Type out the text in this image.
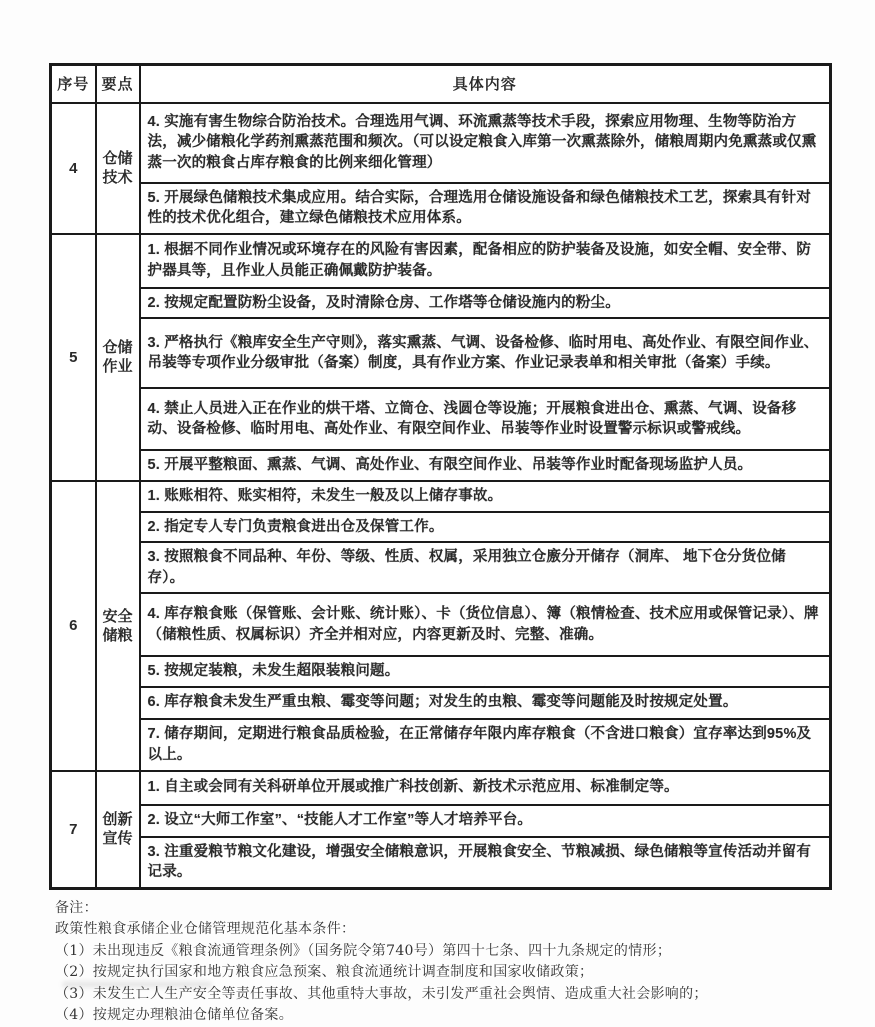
序号	要点	具体内容
4	仓储技术	4. 实施有害生物综合防治技术。合理选用气调、环流熏蒸等技术手段，探索应用物理、生物等防治方法，减少储粮化学药剂熏蒸范围和频次。（可以设定粮食入库第一次熏蒸除外，储粮周期内免熏蒸或仅熏蒸一次的粮食占库存粮食的比例来细化管理）
		5. 开展绿色储粮技术集成应用。结合实际，合理选用仓储设施设备和绿色储粮技术工艺，探索具有针对性的技术优化组合，建立绿色储粮技术应用体系。
5	仓储作业	1. 根据不同作业情况或环境存在的风险有害因素，配备相应的防护装备及设施，如安全帽、安全带、防护器具等，且作业人员能正确佩戴防护装备。
		2. 按规定配置防粉尘设备，及时清除仓房、工作塔等仓储设施内的粉尘。
		3. 严格执行《粮库安全生产守则》，落实熏蒸、气调、设备检修、临时用电、高处作业、有限空间作业、吊装等专项作业分级审批（备案）制度，具有作业方案、作业记录表单和相关审批（备案）手续。
		4. 禁止人员进入正在作业的烘干塔、立筒仓、浅圆仓等设施；开展粮食进出仓、熏蒸、气调、设备移动、设备检修、临时用电、高处作业、有限空间作业、吊装等作业时设置警示标识或警戒线。
		5. 开展平整粮面、熏蒸、气调、高处作业、有限空间作业、吊装等作业时配备现场监护人员。
6	安全储粮	1. 账账相符、账实相符，未发生一般及以上储存事故。
		2. 指定专人专门负责粮食进出仓及保管工作。
		3. 按照粮食不同品种、年份、等级、性质、权属，采用独立仓廒分开储存（洞库、 地下仓分货位储存）。
		4. 库存粮食账（保管账、会计账、统计账）、卡（货位信息）、簿（粮情检查、技术应用或保管记录）、牌（储粮性质、权属标识）齐全并相对应，内容更新及时、完整、准确。
		5. 按规定装粮，未发生超限装粮问题。
		6. 库存粮食未发生严重虫粮、霉变等问题；对发生的虫粮、霉变等问题能及时按规定处置。
		7. 储存期间，定期进行粮食品质检验，在正常储存年限内库存粮食（不含进口粮食）宜存率达到95%及以上。
7	创新宣传	1. 自主或会同有关科研单位开展或推广科技创新、新技术示范应用、标准制定等。
		2. 设立“大师工作室”、“技能人才工作室”等人才培养平台。
		3. 注重爱粮节粮文化建设，增强安全储粮意识，开展粮食安全、节粮减损、绿色储粮等宣传活动并留有记录。

备注：

政策性粮食承储企业仓储管理规范化基本条件：

（1）未出现违反《粮食流通管理条例》（国务院令第740号）第四十七条、四十九条规定的情形；

（2）按规定执行国家和地方粮食应急预案、粮食流通统计调查制度和国家收储政策；

（3）未发生亡人生产安全等责任事故、其他重特大事故，未引发严重社会舆情、造成重大社会影响的；

（4）按规定办理粮油仓储单位备案。
